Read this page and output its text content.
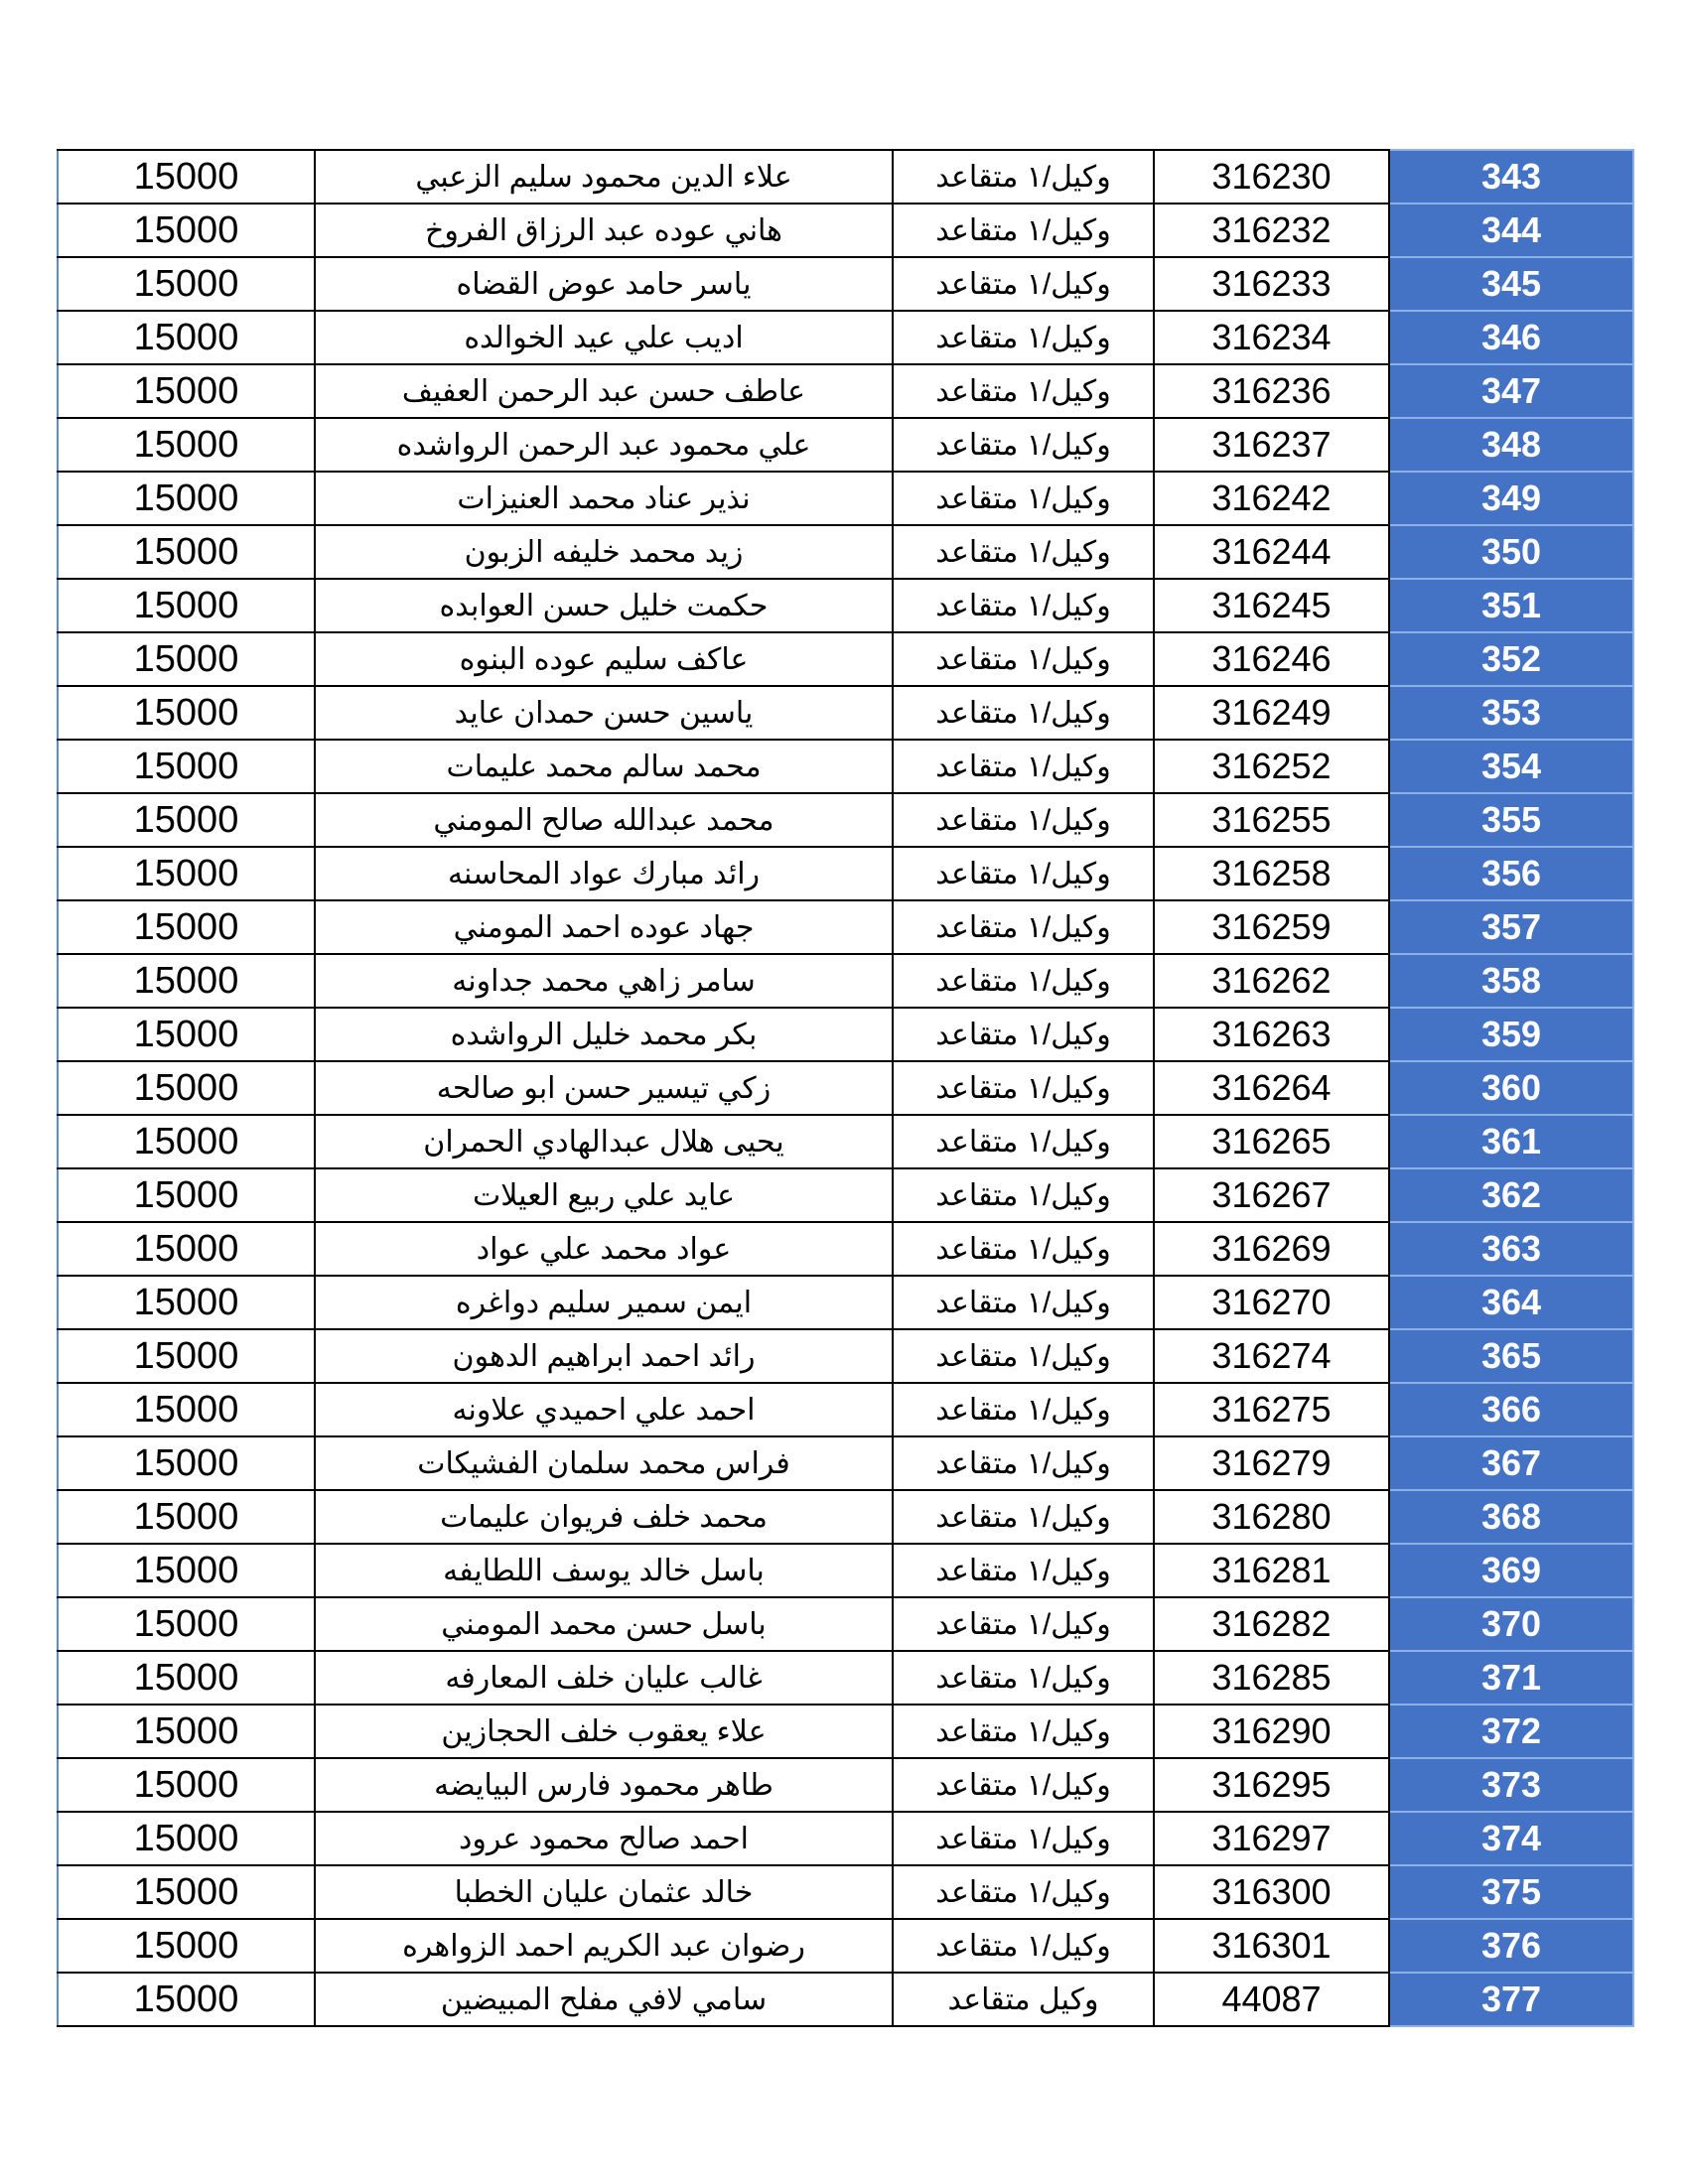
15000	علاء الدين محمود سليم الزعبي	وكيل/١ متقاعد	316230	343
15000	هاني عوده عبد الرزاق الفروخ	وكيل/١ متقاعد	316232	344
15000	ياسر حامد عوض القضاه	وكيل/١ متقاعد	316233	345
15000	اديب علي عيد الخوالده	وكيل/١ متقاعد	316234	346
15000	عاطف حسن عبد الرحمن العفيف	وكيل/١ متقاعد	316236	347
15000	علي محمود عبد الرحمن الرواشده	وكيل/١ متقاعد	316237	348
15000	نذير عناد محمد العنيزات	وكيل/١ متقاعد	316242	349
15000	زيد محمد خليفه الزبون	وكيل/١ متقاعد	316244	350
15000	حكمت خليل حسن العوابده	وكيل/١ متقاعد	316245	351
15000	عاكف سليم عوده البنوه	وكيل/١ متقاعد	316246	352
15000	ياسين حسن حمدان عايد	وكيل/١ متقاعد	316249	353
15000	محمد سالم محمد عليمات	وكيل/١ متقاعد	316252	354
15000	محمد عبدالله صالح المومني	وكيل/١ متقاعد	316255	355
15000	رائد مبارك عواد المحاسنه	وكيل/١ متقاعد	316258	356
15000	جهاد عوده احمد المومني	وكيل/١ متقاعد	316259	357
15000	سامر زاهي محمد جداونه	وكيل/١ متقاعد	316262	358
15000	بكر محمد خليل الرواشده	وكيل/١ متقاعد	316263	359
15000	زكي تيسير حسن ابو صالحه	وكيل/١ متقاعد	316264	360
15000	يحيى هلال عبدالهادي الحمران	وكيل/١ متقاعد	316265	361
15000	عايد علي ربيع العيلات	وكيل/١ متقاعد	316267	362
15000	عواد محمد علي عواد	وكيل/١ متقاعد	316269	363
15000	ايمن سمير سليم دواغره	وكيل/١ متقاعد	316270	364
15000	رائد احمد ابراهيم الدهون	وكيل/١ متقاعد	316274	365
15000	احمد علي احميدي علاونه	وكيل/١ متقاعد	316275	366
15000	فراس محمد سلمان الفشيكات	وكيل/١ متقاعد	316279	367
15000	محمد خلف فريوان عليمات	وكيل/١ متقاعد	316280	368
15000	باسل خالد يوسف اللطايفه	وكيل/١ متقاعد	316281	369
15000	باسل حسن محمد المومني	وكيل/١ متقاعد	316282	370
15000	غالب عليان خلف المعارفه	وكيل/١ متقاعد	316285	371
15000	علاء يعقوب خلف الحجازين	وكيل/١ متقاعد	316290	372
15000	طاهر محمود فارس البيايضه	وكيل/١ متقاعد	316295	373
15000	احمد صالح محمود عرود	وكيل/١ متقاعد	316297	374
15000	خالد عثمان عليان الخطبا	وكيل/١ متقاعد	316300	375
15000	رضوان عبد الكريم احمد الزواهره	وكيل/١ متقاعد	316301	376
15000	سامي لافي مفلح المبيضين	وكيل متقاعد	44087	377
